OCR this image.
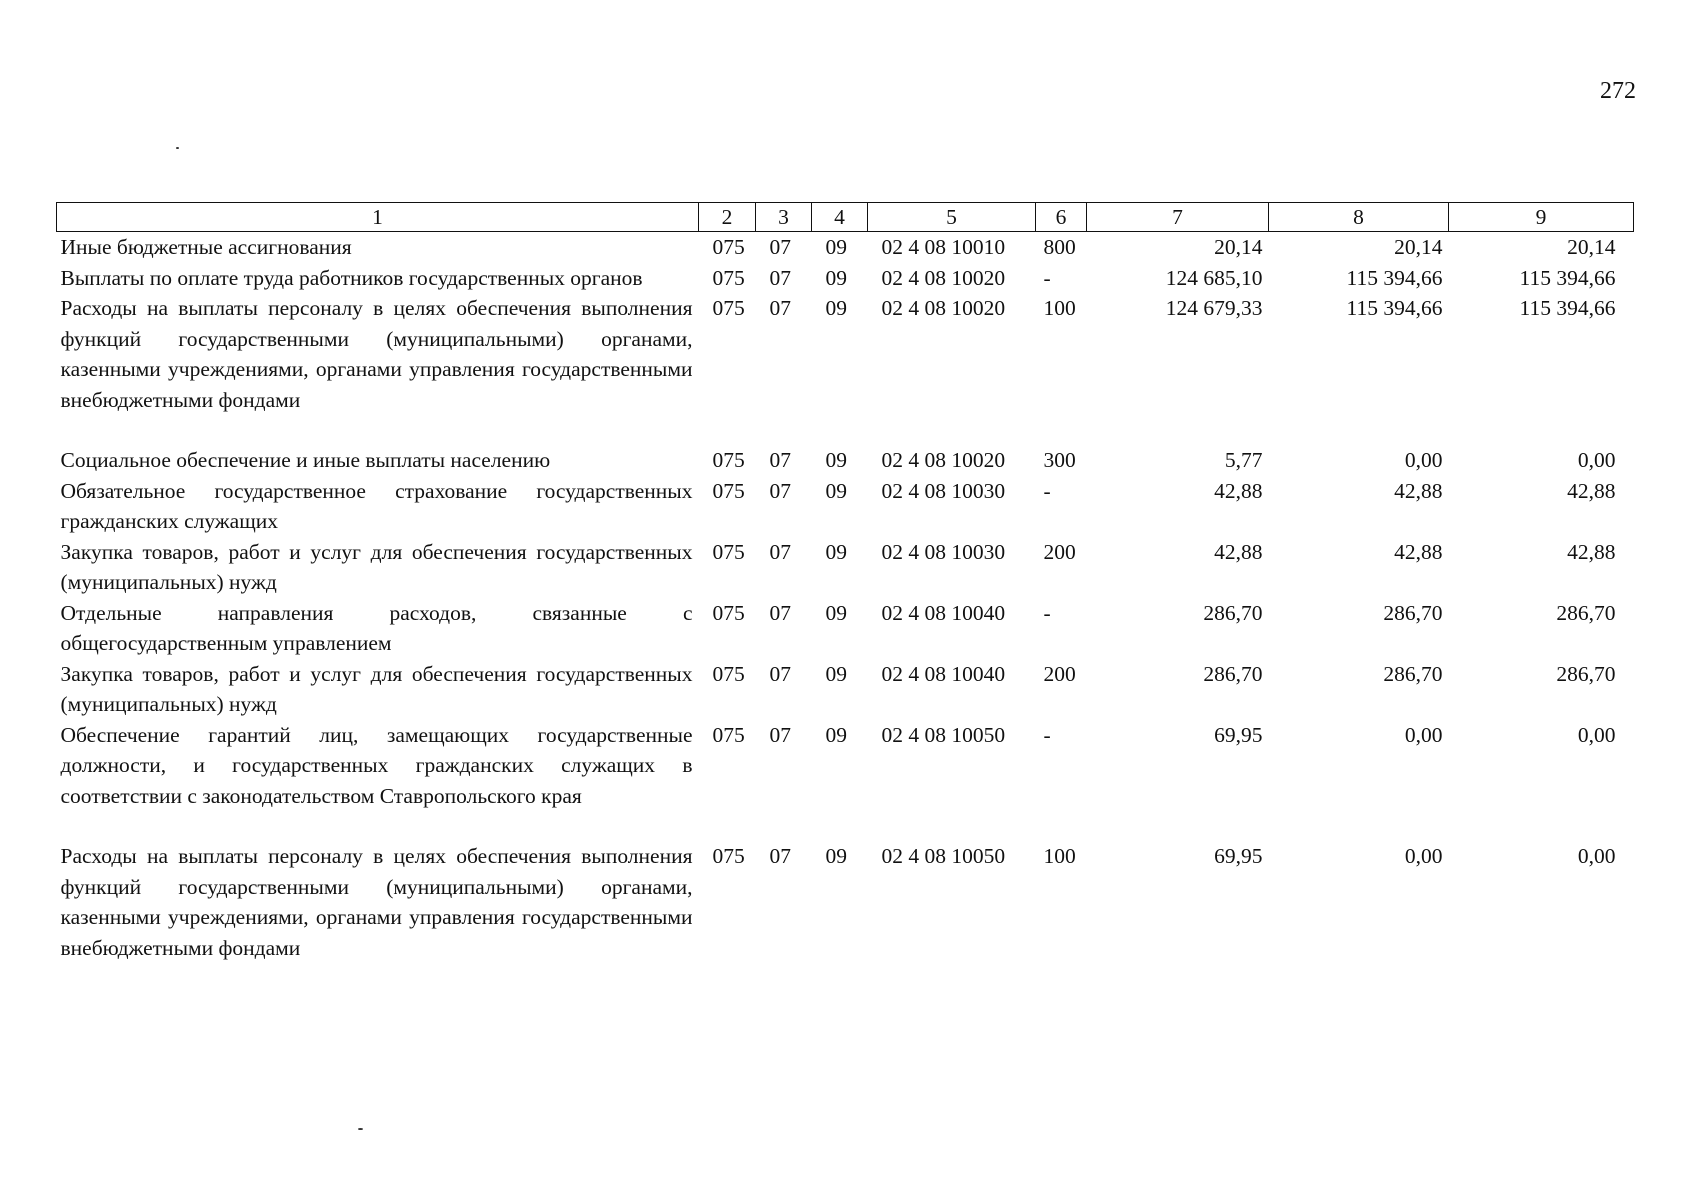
272
1	2	3	4	5	6	7	8	9
Иные бюджетные ассигнования	075	07	09	02 4 08 10010	800	20,14	20,14	20,14
Выплаты по оплате труда работников государственных органов	075	07	09	02 4 08 10020	-	124 685,10	115 394,66	115 394,66
Расходы на выплаты персоналу в целях обеспечения выполнения функций государственными (муниципальными) органами, казенными учреждениями, органами управления государственными внебюджетными фондами	075	07	09	02 4 08 10020	100	124 679,33	115 394,66	115 394,66
Социальное обеспечение и иные выплаты населению	075	07	09	02 4 08 10020	300	5,77	0,00	0,00
Обязательное государственное страхование государственных гражданских служащих	075	07	09	02 4 08 10030	-	42,88	42,88	42,88
Закупка товаров, работ и услуг для обеспечения государственных (муниципальных) нужд	075	07	09	02 4 08 10030	200	42,88	42,88	42,88
Отдельные направления расходов, связанные с общегосударственным управлением	075	07	09	02 4 08 10040	-	286,70	286,70	286,70
Закупка товаров, работ и услуг для обеспечения государственных (муниципальных) нужд	075	07	09	02 4 08 10040	200	286,70	286,70	286,70
Обеспечение гарантий лиц, замещающих государственные должности, и государственных гражданских служащих в соответствии с законодательством Ставропольского края	075	07	09	02 4 08 10050	-	69,95	0,00	0,00
Расходы на выплаты персоналу в целях обеспечения выполнения функций государственными (муниципальными) органами, казенными учреждениями, органами управления государственными внебюджетными фондами	075	07	09	02 4 08 10050	100	69,95	0,00	0,00
